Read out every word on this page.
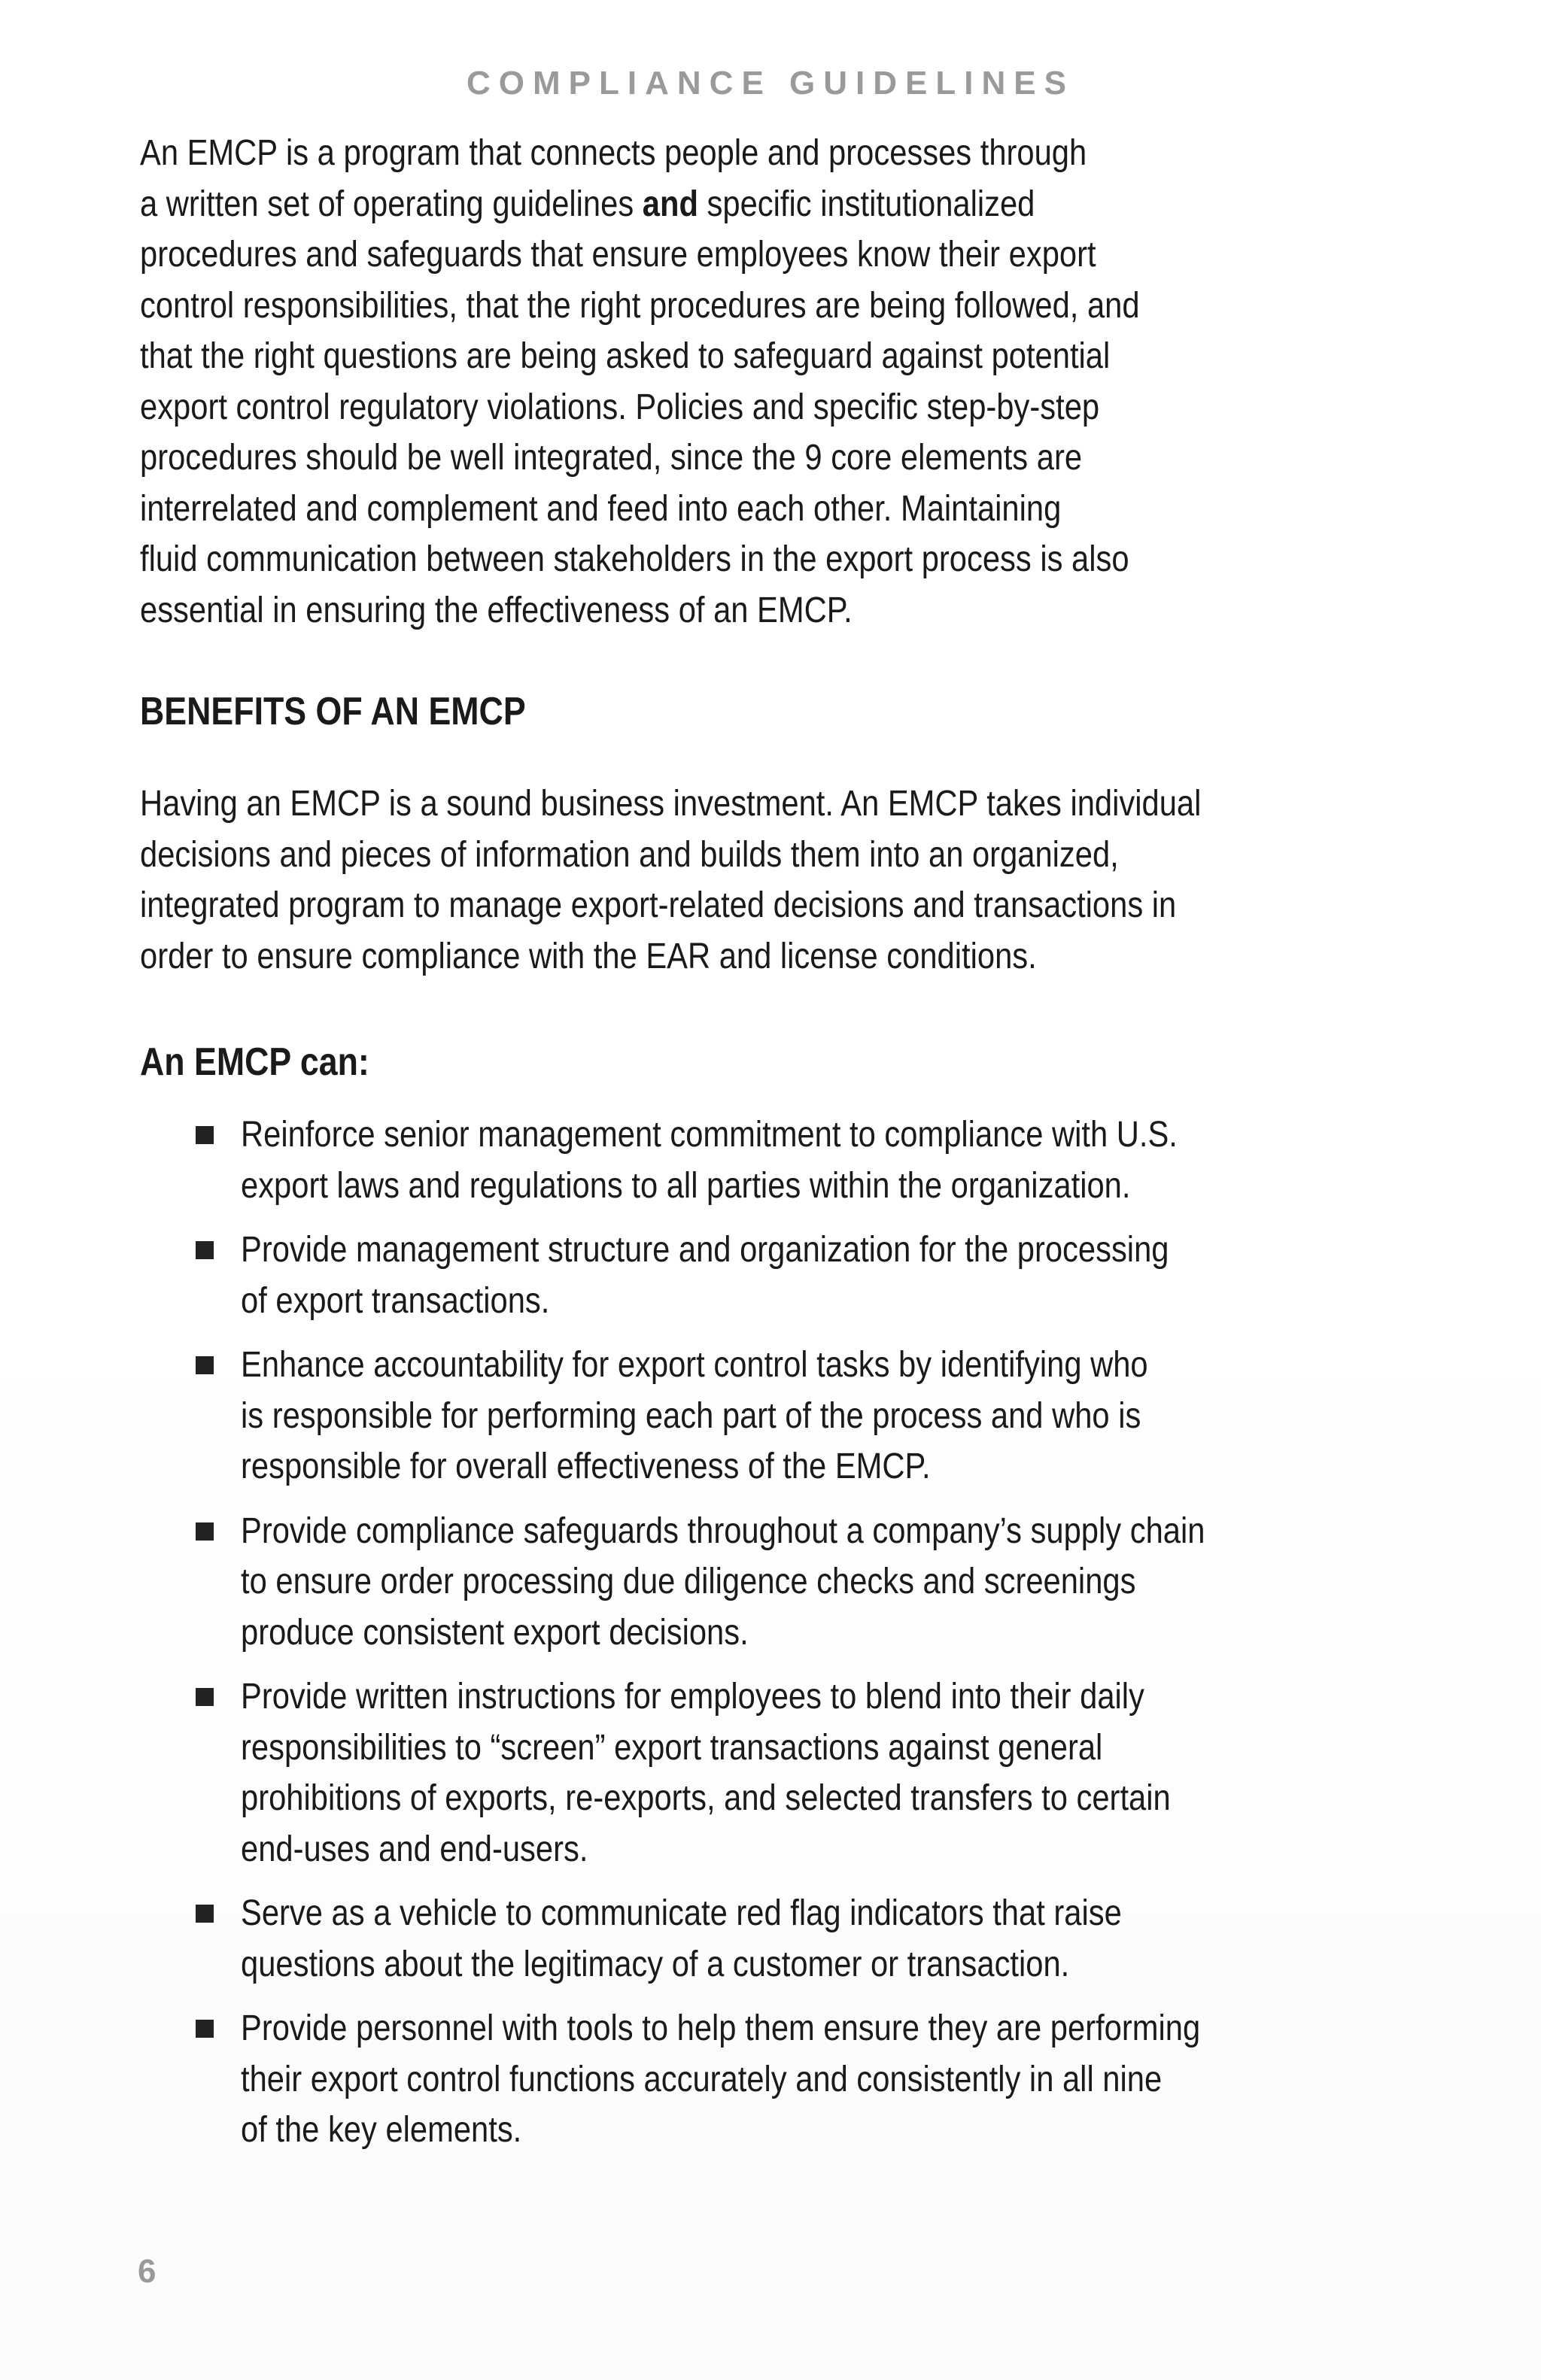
COMPLIANCE GUIDELINES

An EMCP is a program that connects people and processes through
a written set of operating guidelines and specific institutionalized
procedures and safeguards that ensure employees know their export
control responsibilities, that the right procedures are being followed, and
that the right questions are being asked to safeguard against potential
export control regulatory violations. Policies and specific step-by-step
procedures should be well integrated, since the 9 core elements are
interrelated and complement and feed into each other. Maintaining
fluid communication between stakeholders in the export process is also
essential in ensuring the effectiveness of an EMCP.

BENEFITS OF AN EMCP

Having an EMCP is a sound business investment. An EMCP takes individual
decisions and pieces of information and builds them into an organized,
integrated program to manage export-related decisions and transactions in
order to ensure compliance with the EAR and license conditions.

An EMCP can:
Reinforce senior management commitment to compliance with U.S.
export laws and regulations to all parties within the organization.
Provide management structure and organization for the processing
of export transactions.
Enhance accountability for export control tasks by identifying who
is responsible for performing each part of the process and who is
responsible for overall effectiveness of the EMCP.
Provide compliance safeguards throughout a company’s supply chain
to ensure order processing due diligence checks and screenings
produce consistent export decisions.
Provide written instructions for employees to blend into their daily
responsibilities to “screen” export transactions against general
prohibitions of exports, re-exports, and selected transfers to certain
end-uses and end-users.
Serve as a vehicle to communicate red flag indicators that raise
questions about the legitimacy of a customer or transaction.
Provide personnel with tools to help them ensure they are performing
their export control functions accurately and consistently in all nine
of the key elements.
6
